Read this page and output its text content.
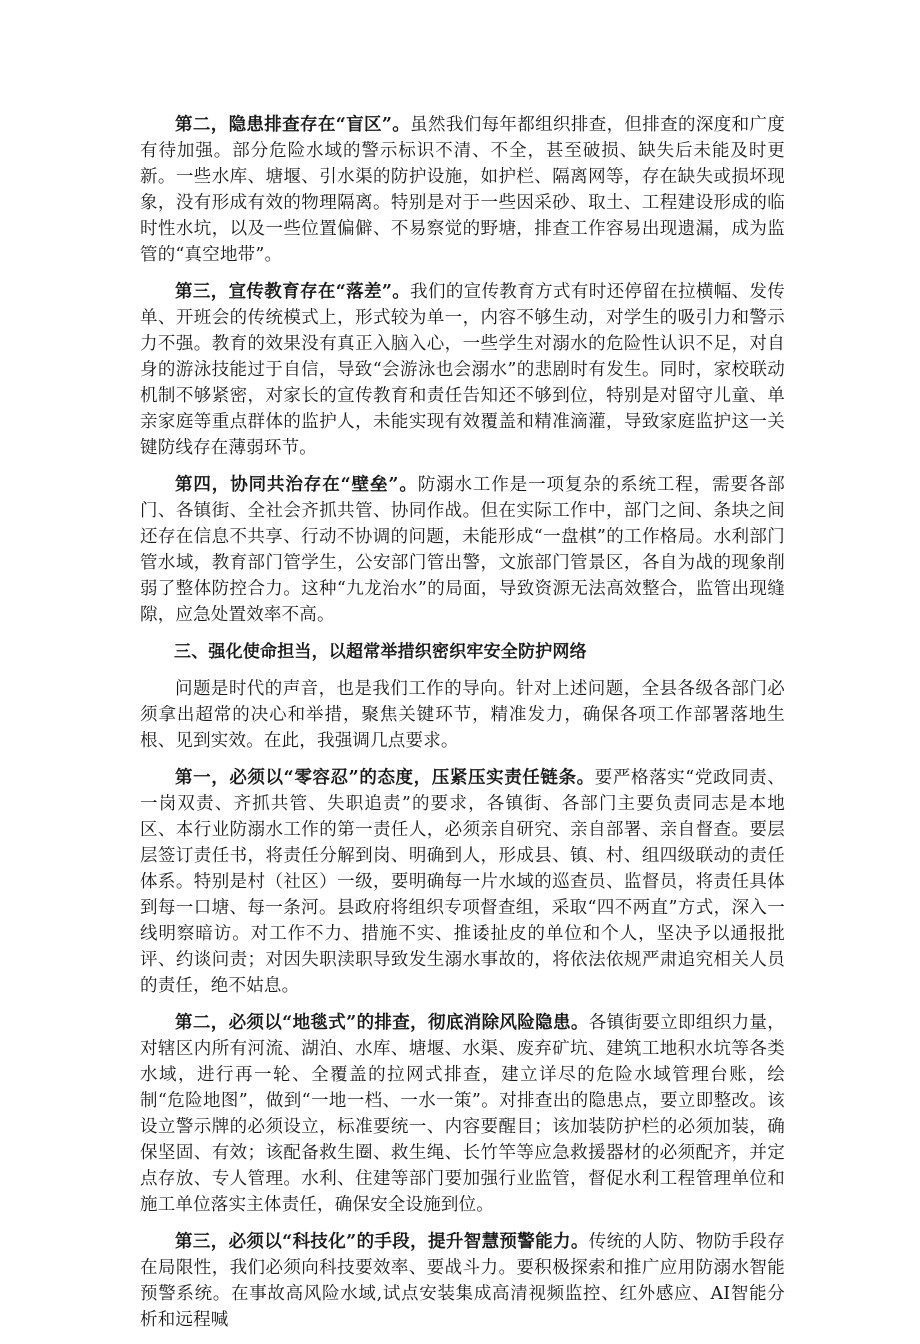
第二，隐患排查存在“盲区”。虽然我们每年都组织排查，但排查的深度和广度有待加强。部分危险水域的警示标识不清、不全，甚至破损、缺失后未能及时更新。一些水库、塘堰、引水渠的防护设施，如护栏、隔离网等，存在缺失或损坏现象，没有形成有效的物理隔离。特别是对于一些因采砂、取土、工程建设形成的临时性水坑，以及一些位置偏僻、不易察觉的野塘，排查工作容易出现遗漏，成为监管的“真空地带”。

第三，宣传教育存在“落差”。我们的宣传教育方式有时还停留在拉横幅、发传单、开班会的传统模式上，形式较为单一，内容不够生动，对学生的吸引力和警示力不强。教育的效果没有真正入脑入心，一些学生对溺水的危险性认识不足，对自身的游泳技能过于自信，导致“会游泳也会溺水”的悲剧时有发生。同时，家校联动机制不够紧密，对家长的宣传教育和责任告知还不够到位，特别是对留守儿童、单亲家庭等重点群体的监护人，未能实现有效覆盖和精准滴灌，导致家庭监护这一关键防线存在薄弱环节。

第四，协同共治存在“壁垒”。防溺水工作是一项复杂的系统工程，需要各部门、各镇街、全社会齐抓共管、协同作战。但在实际工作中，部门之间、条块之间还存在信息不共享、行动不协调的问题，未能形成“一盘棋”的工作格局。水利部门管水域，教育部门管学生，公安部门管出警，文旅部门管景区，各自为战的现象削弱了整体防控合力。这种“九龙治水”的局面，导致资源无法高效整合，监管出现缝隙，应急处置效率不高。

三、强化使命担当，以超常举措织密织牢安全防护网络

问题是时代的声音，也是我们工作的导向。针对上述问题，全县各级各部门必须拿出超常的决心和举措，聚焦关键环节，精准发力，确保各项工作部署落地生根、见到实效。在此，我强调几点要求。

第一，必须以“零容忍”的态度，压紧压实责任链条。要严格落实“党政同责、一岗双责、齐抓共管、失职追责”的要求，各镇街、各部门主要负责同志是本地区、本行业防溺水工作的第一责任人，必须亲自研究、亲自部署、亲自督查。要层层签订责任书，将责任分解到岗、明确到人，形成县、镇、村、组四级联动的责任体系。特别是村（社区）一级，要明确每一片水域的巡查员、监督员，将责任具体到每一口塘、每一条河。县政府将组织专项督查组，采取“四不两直”方式，深入一线明察暗访。对工作不力、措施不实、推诿扯皮的单位和个人，坚决予以通报批评、约谈问责；对因失职渎职导致发生溺水事故的，将依法依规严肃追究相关人员的责任，绝不姑息。

第二，必须以“地毯式”的排查，彻底消除风险隐患。各镇街要立即组织力量，对辖区内所有河流、湖泊、水库、塘堰、水渠、废弃矿坑、建筑工地积水坑等各类水域，进行再一轮、全覆盖的拉网式排查，建立详尽的危险水域管理台账，绘制“危险地图”，做到“一地一档、一水一策”。对排查出的隐患点，要立即整改。该设立警示牌的必须设立，标准要统一、内容要醒目；该加装防护栏的必须加装，确保坚固、有效；该配备救生圈、救生绳、长竹竿等应急救援器材的必须配齐，并定点存放、专人管理。水利、住建等部门要加强行业监管，督促水利工程管理单位和施工单位落实主体责任，确保安全设施到位。

第三，必须以“科技化”的手段，提升智慧预警能力。传统的人防、物防手段存在局限性，我们必须向科技要效率、要战斗力。要积极探索和推广应用防溺水智能预警系统。在事故高风险水域,试点安装集成高清视频监控、红外感应、AI智能分析和远程喊
